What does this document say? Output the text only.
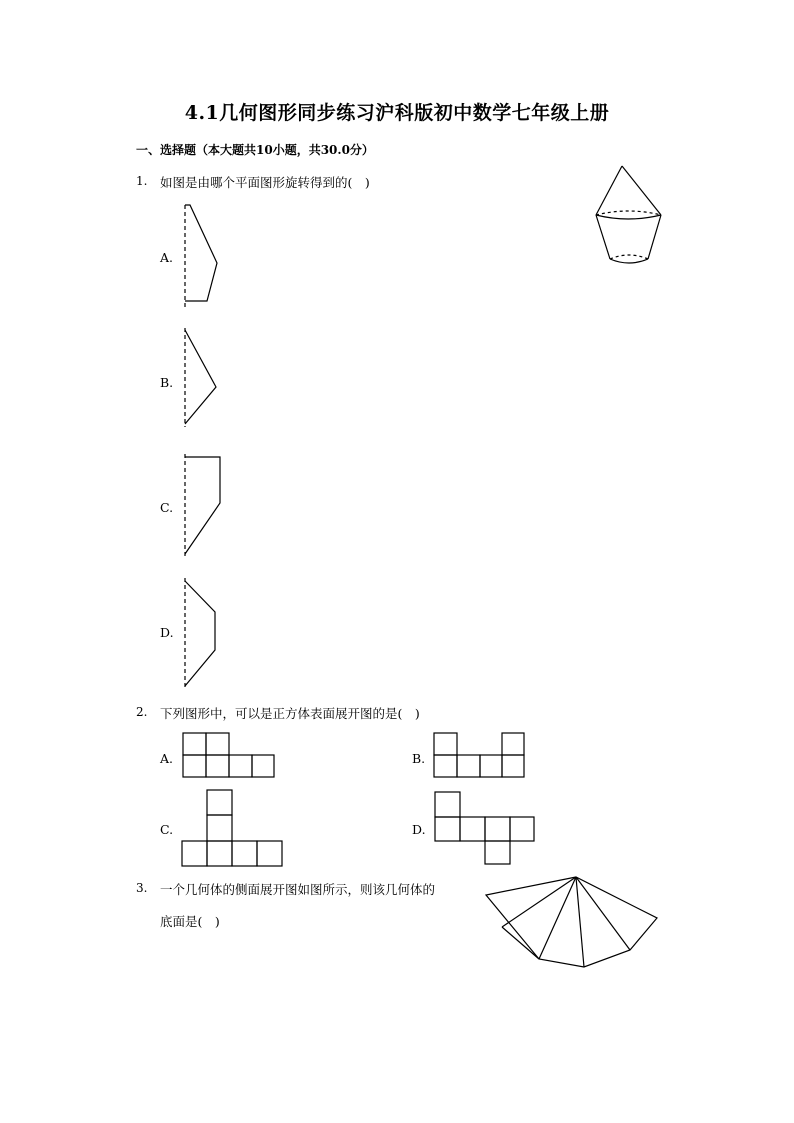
4.1几何图形同步练习沪科版初中数学七年级上册
一、选择题（本大题共10小题，共30.0分）
1. 如图是由哪个平面图形旋转得到的(　)
A.
B.
C.
D.
2. 下列图形中，可以是正方体表面展开图的是(　)
A.	B.
C.	D.
3. 一个几何体的侧面展开图如图所示，则该几何体的
底面是(　)
